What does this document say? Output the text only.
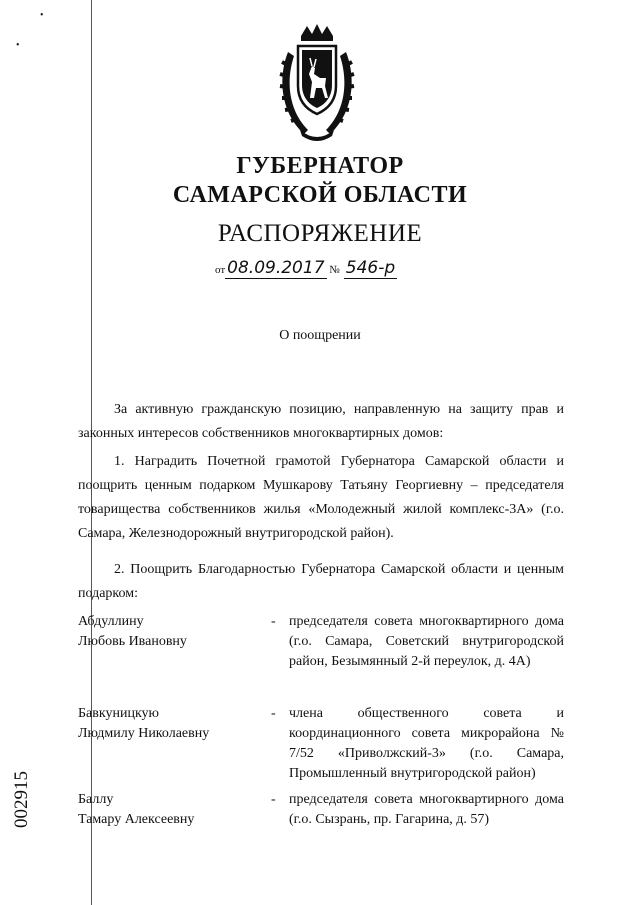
•
•
ГУБЕРНАТОР
САМАРСКОЙ ОБЛАСТИ
РАСПОРЯЖЕНИЕ
от 08.09.2017 № 546-р
О поощрении
За активную гражданскую позицию, направленную на защиту прав и законных интересов собственников многоквартирных домов:
1. Наградить Почетной грамотой Губернатора Самарской области и поощрить ценным подарком Мушкарову Татьяну Георгиевну – председателя товарищества собственников жилья «Молодежный жилой комплекс-3А» (г.о. Самара, Железнодорожный внутригородской район).
2. Поощрить Благодарностью Губернатора Самарской области и ценным подарком:
Абдуллину
Любовь Ивановну
- председателя совета многоквартирного дома (г.о. Самара, Советский внутригородской район, Безымянный 2-й переулок, д. 4А)
Бавкуницкую
Людмилу Николаевну
- члена общественного совета и координационного совета микрорайона № 7/52 «Приволжский-3» (г.о. Самара, Промышленный внутригородской район)
Баллу
Тамару Алексеевну
- председателя совета многоквартирного дома (г.о. Сызрань, пр. Гагарина, д. 57)
002915
